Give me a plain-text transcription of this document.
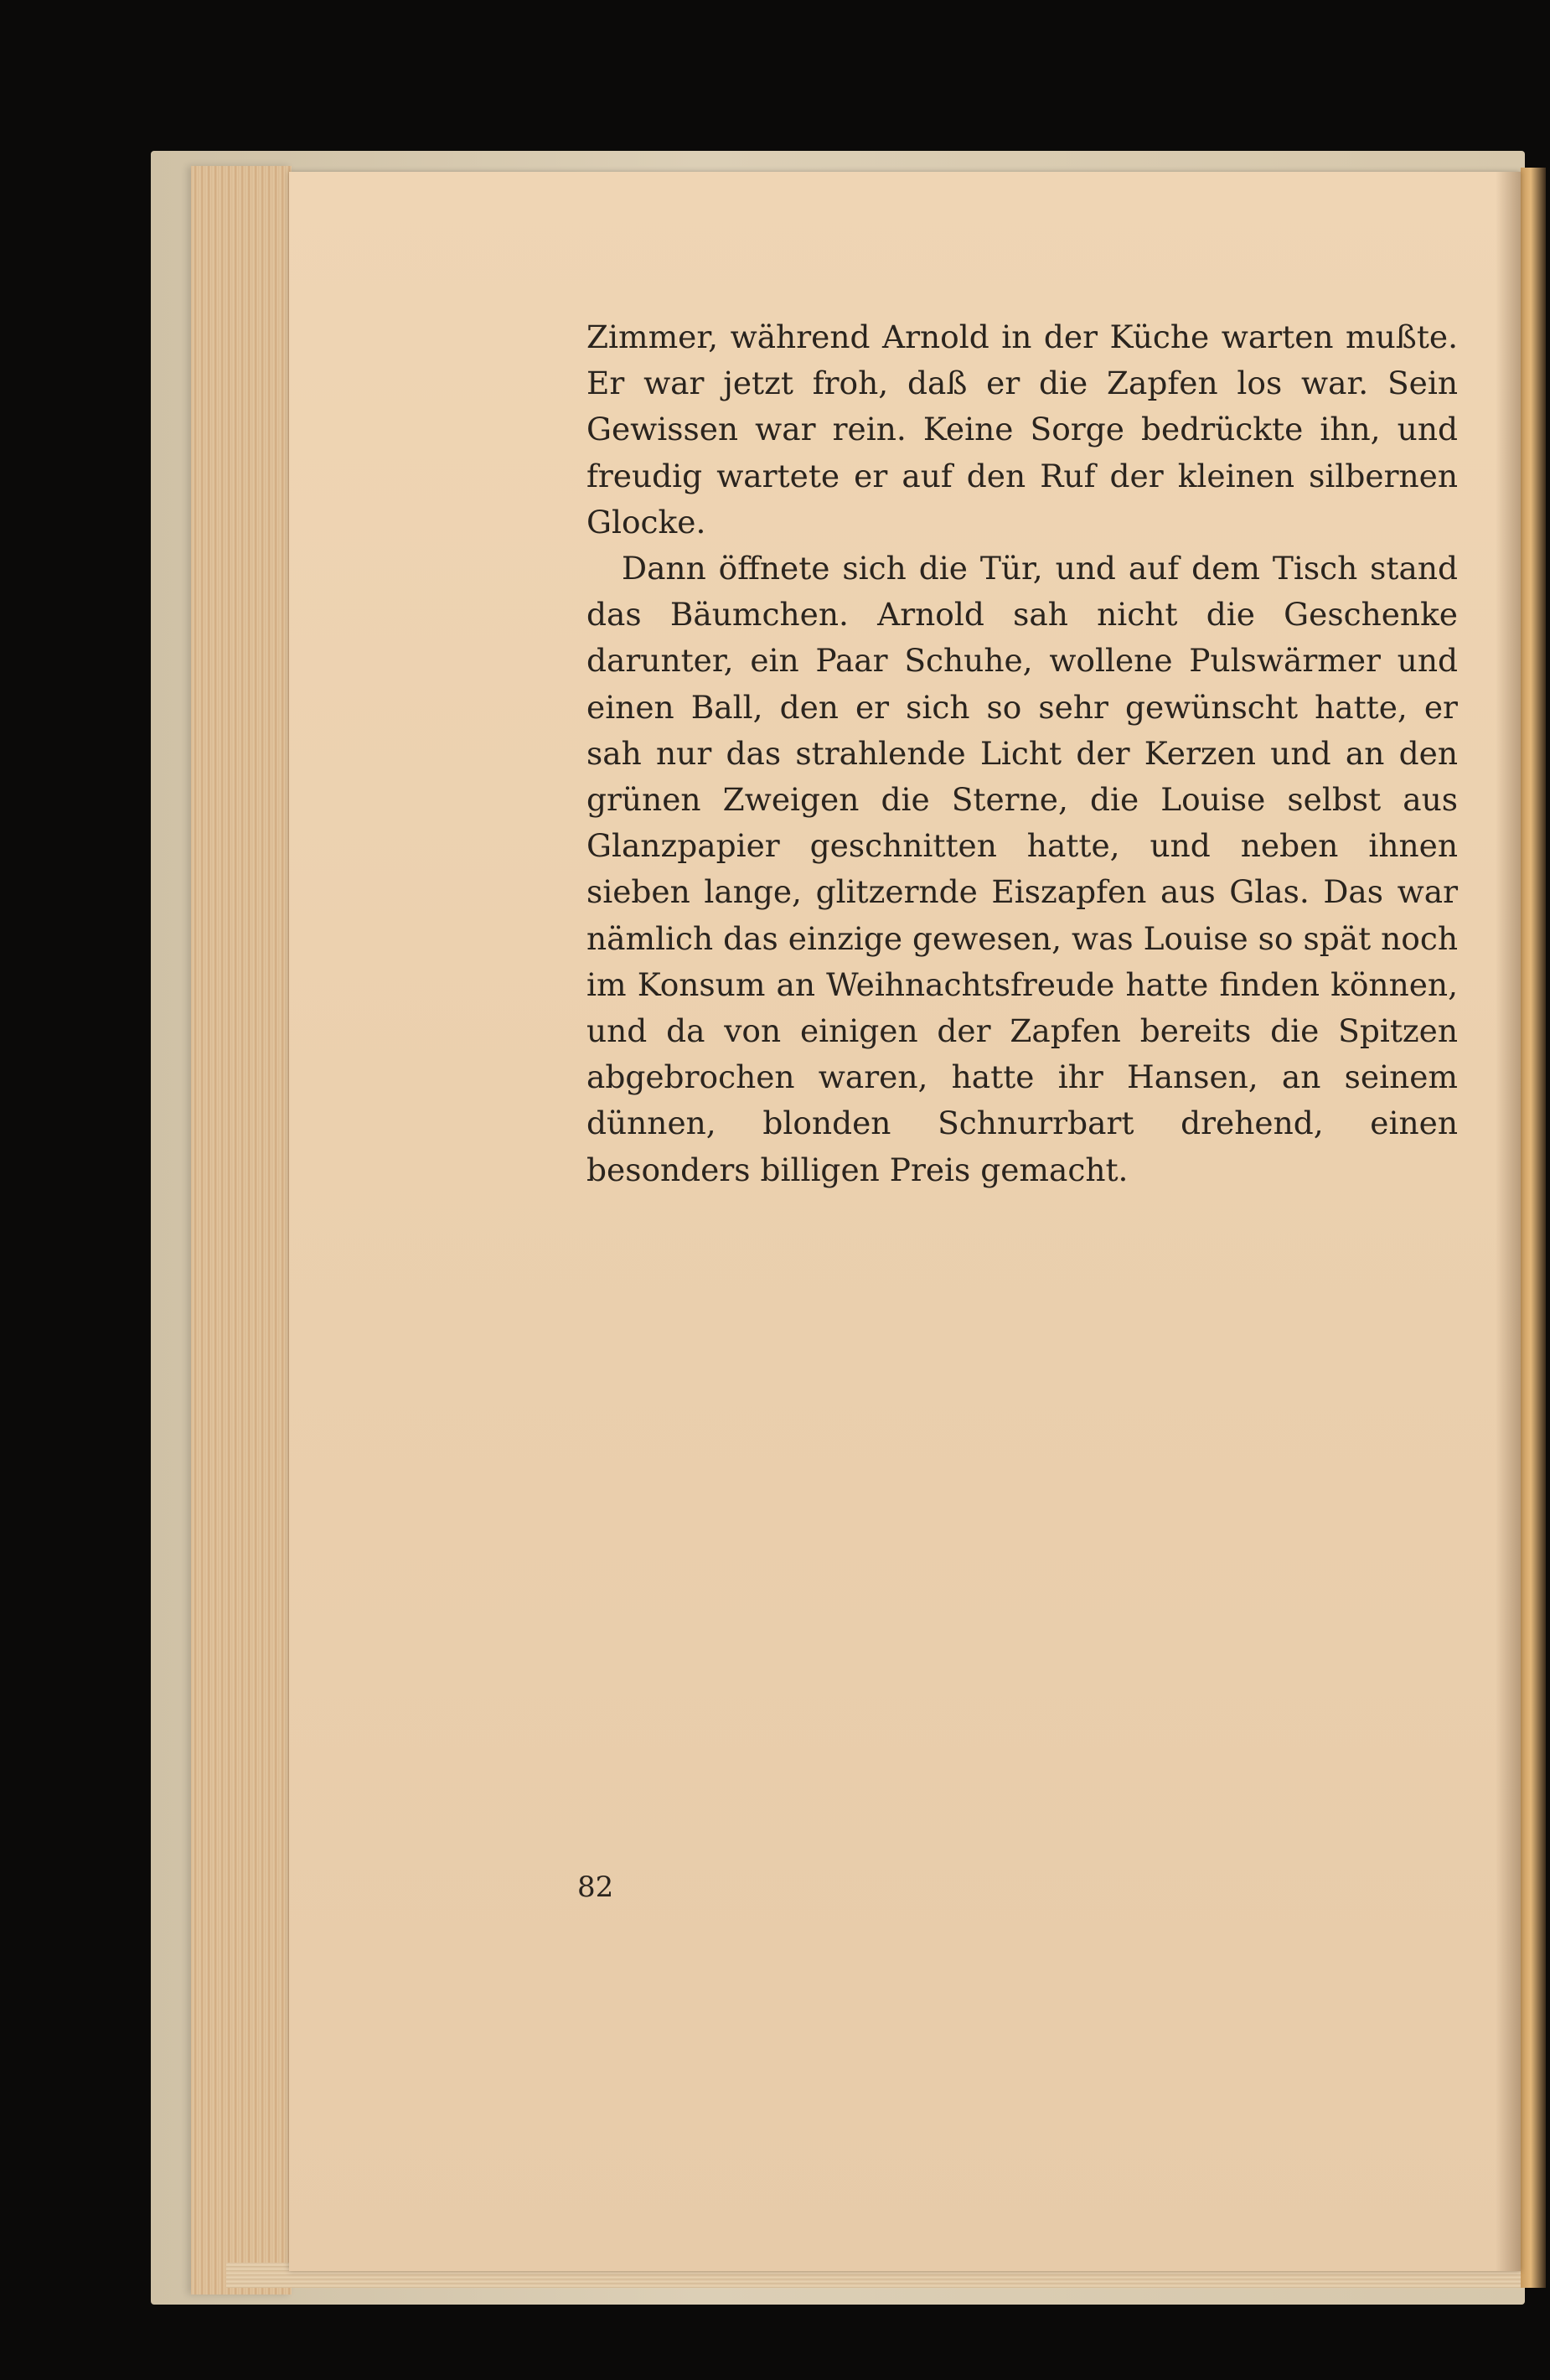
Zimmer, während Arnold in der Küche warten mußte. Er war jetzt froh, daß er die Zapfen los war. Sein Gewissen war rein. Keine Sorge bedrückte ihn, und freudig wartete er auf den Ruf der kleinen silbernen Glocke.

Dann öffnete sich die Tür, und auf dem Tisch stand das Bäumchen. Arnold sah nicht die Geschenke darunter, ein Paar Schuhe, wollene Pulswärmer und einen Ball, den er sich so sehr gewünscht hatte, er sah nur das strahlende Licht der Kerzen und an den grünen Zweigen die Sterne, die Louise selbst aus Glanzpapier geschnitten hatte, und neben ihnen sieben lange, glitzernde Eiszapfen aus Glas. Das war nämlich das einzige gewesen, was Louise so spät noch im Konsum an Weihnachtsfreude hatte finden können, und da von einigen der Zapfen bereits die Spitzen abgebrochen waren, hatte ihr Hansen, an seinem dünnen, blonden Schnurrbart drehend, einen besonders billigen Preis gemacht.

82
